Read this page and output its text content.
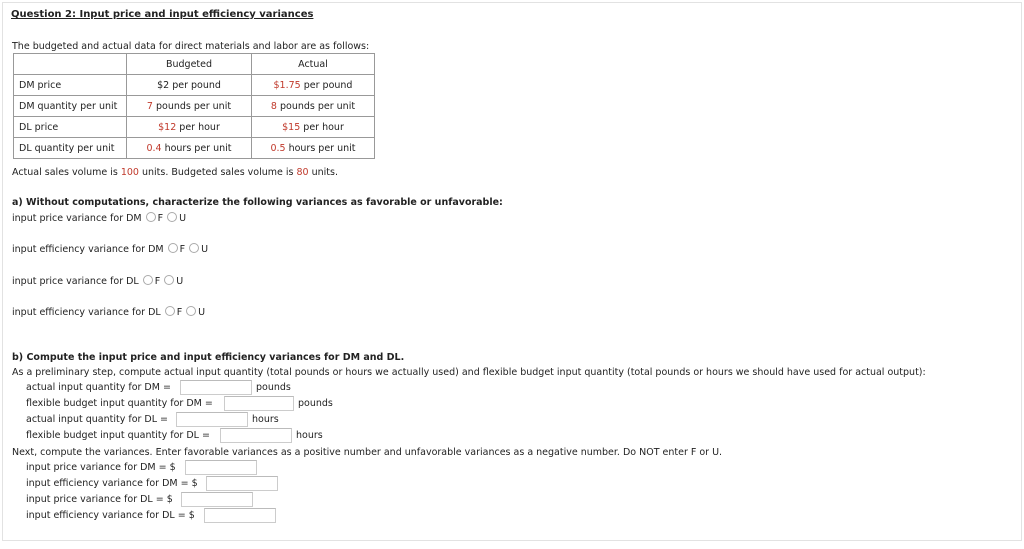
Question 2: Input price and input efficiency variances
The budgeted and actual data for direct materials and labor are as follows:
	Budgeted	Actual
DM price	$2 per pound	$1.75 per pound
DM quantity per unit	7 pounds per unit	8 pounds per unit
DL price	$12 per hour	$15 per hour
DL quantity per unit	0.4 hours per unit	0.5 hours per unit
Actual sales volume is 100 units. Budgeted sales volume is 80 units.
a) Without computations, characterize the following variances as favorable or unfavorable:
input price variance for DM F U
input efficiency variance for DM F U
input price variance for DL F U
input efficiency variance for DL F U
b) Compute the input price and input efficiency variances for DM and DL.
As a preliminary step, compute actual input quantity (total pounds or hours we actually used) and flexible budget input quantity (total pounds or hours we should have used for actual output):
actual input quantity for DM =	pounds
flexible budget input quantity for DM =	pounds
actual input quantity for DL =	hours
flexible budget input quantity for DL =	hours
Next, compute the variances. Enter favorable variances as a positive number and unfavorable variances as a negative number. Do NOT enter F or U.
input price variance for DM = $
input efficiency variance for DM = $
input price variance for DL = $
input efficiency variance for DL = $
